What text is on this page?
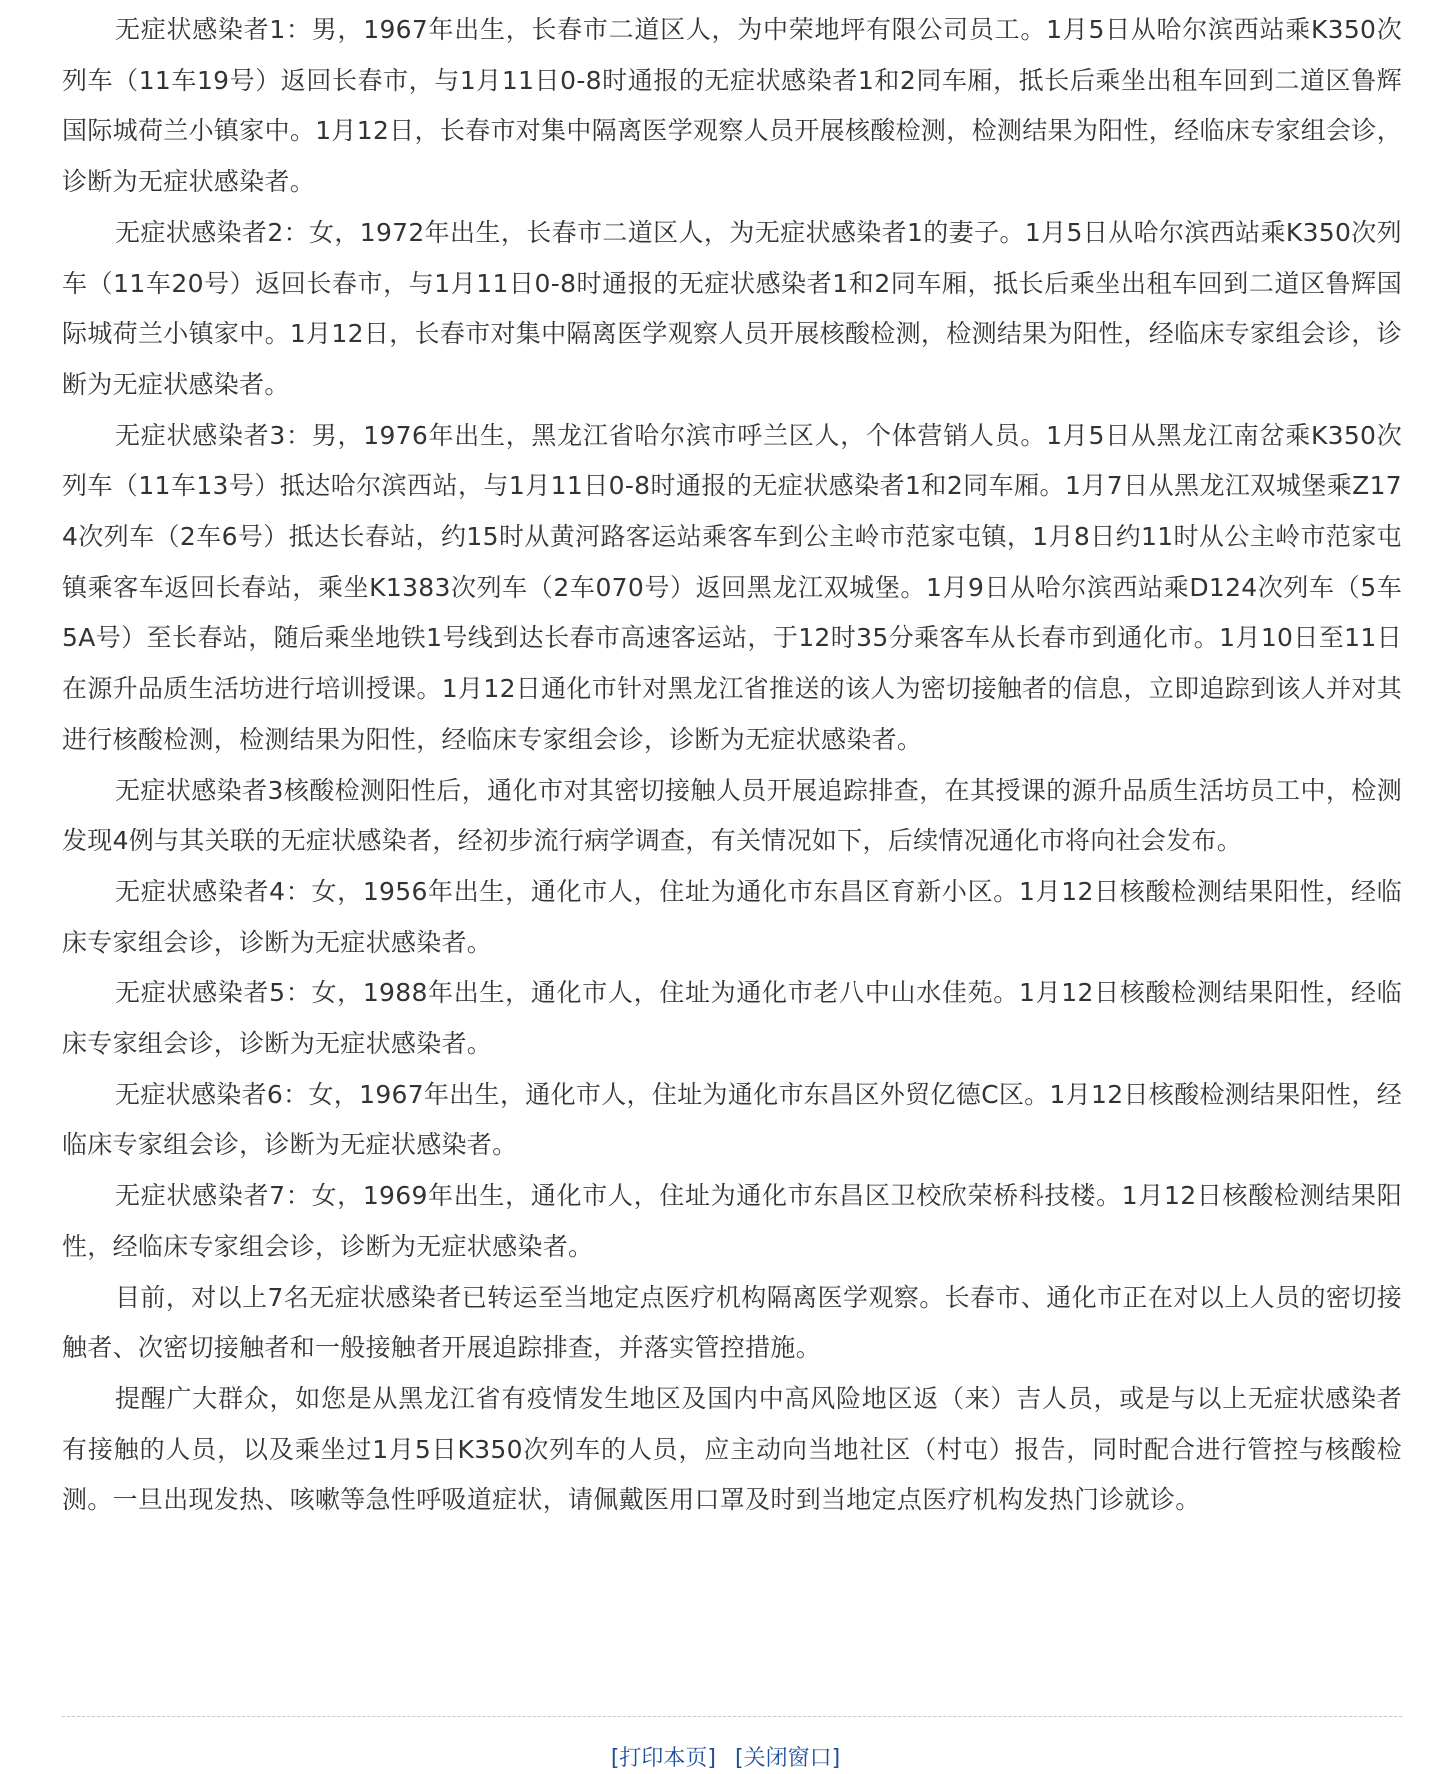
无症状感染者1：男，1967年出生，长春市二道区人，为中荣地坪有限公司员工。1月5日从哈尔滨西站乘K350次列车（11车19号）返回长春市，与1月11日0-8时通报的无症状感染者1和2同车厢，抵长后乘坐出租车回到二道区鲁辉国际城荷兰小镇家中。1月12日，长春市对集中隔离医学观察人员开展核酸检测，检测结果为阳性，经临床专家组会诊，诊断为无症状感染者。

无症状感染者2：女，1972年出生，长春市二道区人，为无症状感染者1的妻子。1月5日从哈尔滨西站乘K350次列车（11车20号）返回长春市，与1月11日0-8时通报的无症状感染者1和2同车厢，抵长后乘坐出租车回到二道区鲁辉国际城荷兰小镇家中。1月12日，长春市对集中隔离医学观察人员开展核酸检测，检测结果为阳性，经临床专家组会诊，诊断为无症状感染者。

无症状感染者3：男，1976年出生，黑龙江省哈尔滨市呼兰区人，个体营销人员。1月5日从黑龙江南岔乘K350次列车（11车13号）抵达哈尔滨西站，与1月11日0-8时通报的无症状感染者1和2同车厢。1月7日从黑龙江双城堡乘Z174次列车（2车6号）抵达长春站，约15时从黄河路客运站乘客车到公主岭市范家屯镇，1月8日约11时从公主岭市范家屯镇乘客车返回长春站，乘坐K1383次列车（2车070号）返回黑龙江双城堡。1月9日从哈尔滨西站乘D124次列车（5车5A号）至长春站，随后乘坐地铁1号线到达长春市高速客运站，于12时35分乘客车从长春市到通化市。1月10日至11日在源升品质生活坊进行培训授课。1月12日通化市针对黑龙江省推送的该人为密切接触者的信息，立即追踪到该人并对其进行核酸检测，检测结果为阳性，经临床专家组会诊，诊断为无症状感染者。

无症状感染者3核酸检测阳性后，通化市对其密切接触人员开展追踪排查，在其授课的源升品质生活坊员工中，检测发现4例与其关联的无症状感染者，经初步流行病学调查，有关情况如下，后续情况通化市将向社会发布。

无症状感染者4：女，1956年出生，通化市人，住址为通化市东昌区育新小区。1月12日核酸检测结果阳性，经临床专家组会诊，诊断为无症状感染者。

无症状感染者5：女，1988年出生，通化市人，住址为通化市老八中山水佳苑。1月12日核酸检测结果阳性，经临床专家组会诊，诊断为无症状感染者。

无症状感染者6：女，1967年出生，通化市人，住址为通化市东昌区外贸亿德C区。1月12日核酸检测结果阳性，经临床专家组会诊，诊断为无症状感染者。

无症状感染者7：女，1969年出生，通化市人，住址为通化市东昌区卫校欣荣桥科技楼。1月12日核酸检测结果阳性，经临床专家组会诊，诊断为无症状感染者。

目前，对以上7名无症状感染者已转运至当地定点医疗机构隔离医学观察。长春市、通化市正在对以上人员的密切接触者、次密切接触者和一般接触者开展追踪排查，并落实管控措施。

提醒广大群众，如您是从黑龙江省有疫情发生地区及国内中高风险地区返（来）吉人员，或是与以上无症状感染者有接触的人员，以及乘坐过1月5日K350次列车的人员，应主动向当地社区（村屯）报告，同时配合进行管控与核酸检测。一旦出现发热、咳嗽等急性呼吸道症状，请佩戴医用口罩及时到当地定点医疗机构发热门诊就诊。

[打印本页] [关闭窗口]
